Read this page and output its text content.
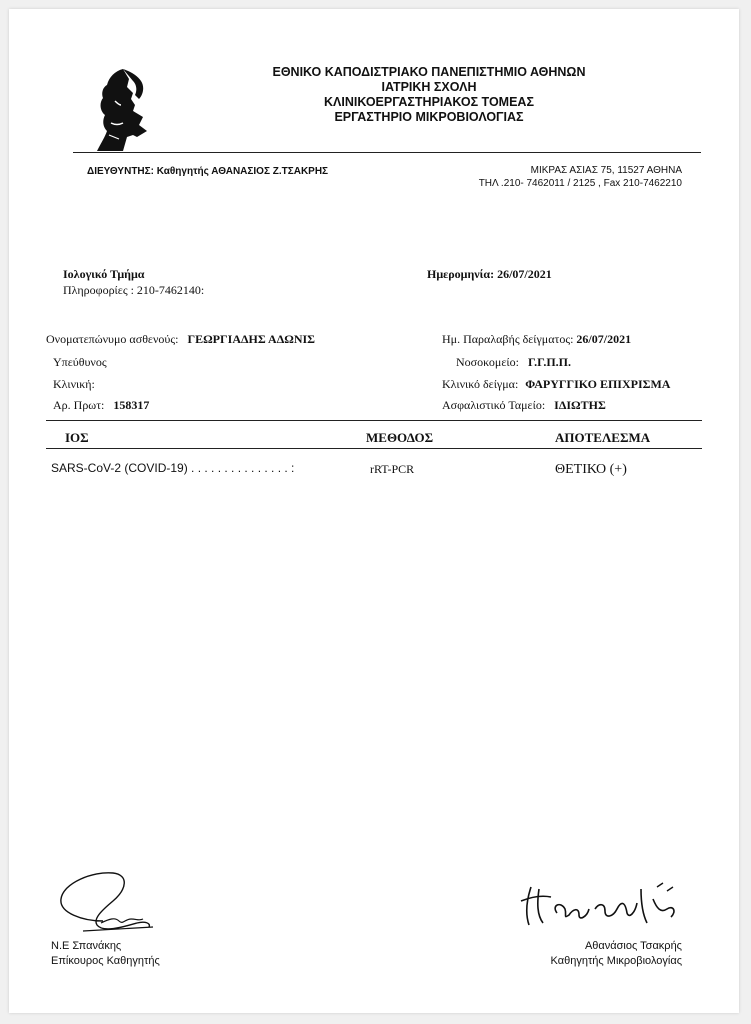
ΕΘΝΙΚΟ ΚΑΠΟΔΙΣΤΡΙΑΚΟ ΠΑΝΕΠΙΣΤΗΜΙΟ ΑΘΗΝΩΝ
ΙΑΤΡΙΚΗ ΣΧΟΛΗ
ΚΛΙΝΙΚΟΕΡΓΑΣΤΗΡΙΑΚΟΣ ΤΟΜΕΑΣ
ΕΡΓΑΣΤΗΡΙΟ ΜΙΚΡΟΒΙΟΛΟΓΙΑΣ
ΔΙΕΥΘΥΝΤΗΣ: Καθηγητής ΑΘΑΝΑΣΙΟΣ Ζ.ΤΣΑΚΡΗΣ	ΜΙΚΡΑΣ ΑΣΙΑΣ 75, 11527 ΑΘΗΝΑ
ΤΗΛ .210- 7462011 / 2125 , Fax 210-7462210
Ιολογικό Τμήμα
Πληροφορίες : 210-7462140:
Ημερομηνία: 26/07/2021
Ονοματεπώνυμο ασθενούς: ΓΕΩΡΓΙΑΔΗΣ ΑΔΩΝΙΣ
Υπεύθυνος
Κλινική:
Αρ. Πρωτ: 158317
Ημ. Παραλαβής δείγματος: 26/07/2021
Νοσοκομείο: Γ.Γ.Π.Π.
Κλινικό δείγμα: ΦΑΡΥΓΓΙΚΟ ΕΠΙΧΡΙΣΜΑ
Ασφαλιστικό Ταμείο: ΙΔΙΩΤΗΣ
ΙΟΣ	ΜΕΘΟΔΟΣ	ΑΠΟΤΕΛΕΣΜΑ
SARS-CoV-2 (COVID-19) . . . . . . . . . . . . . . . :	rRT-PCR	ΘΕΤΙΚΟ (+)
Ν.Ε Σπανάκης
Επίκουρος Καθηγητής
Αθανάσιος Τσακρής
Καθηγητής Μικροβιολογίας
